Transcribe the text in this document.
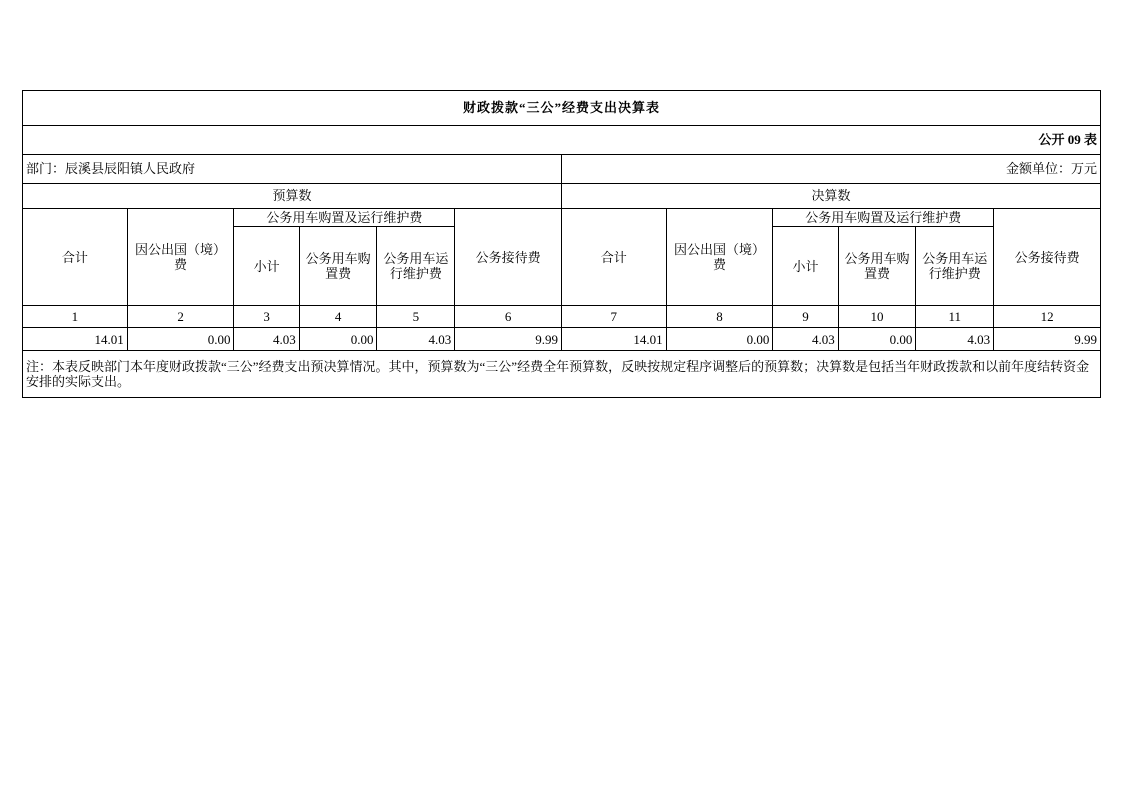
财政拨款“三公”经费支出决算表											
公开 09 表											
部门：辰溪县辰阳镇人民政府						金额单位：万元					
预算数						决算数					
合计	因公出国（境）费	公务用车购置及运行维护费			公务接待费	合计	因公出国（境）费	公务用车购置及运行维护费			公务接待费
		小计	公务用车购置费	公务用车运行维护费				小计	公务用车购置费	公务用车运行维护费	
1	2	3	4	5	6	7	8	9	10	11	12
14.01	0.00	4.03	0.00	4.03	9.99	14.01	0.00	4.03	0.00	4.03	9.99
注：本表反映部门本年度财政拨款“三公”经费支出预决算情况。其中，预算数为“三公”经费全年预算数，反映按规定程序调整后的预算数；决算数是包括当年财政拨款和以前年度结转资金安排的实际支出。											
